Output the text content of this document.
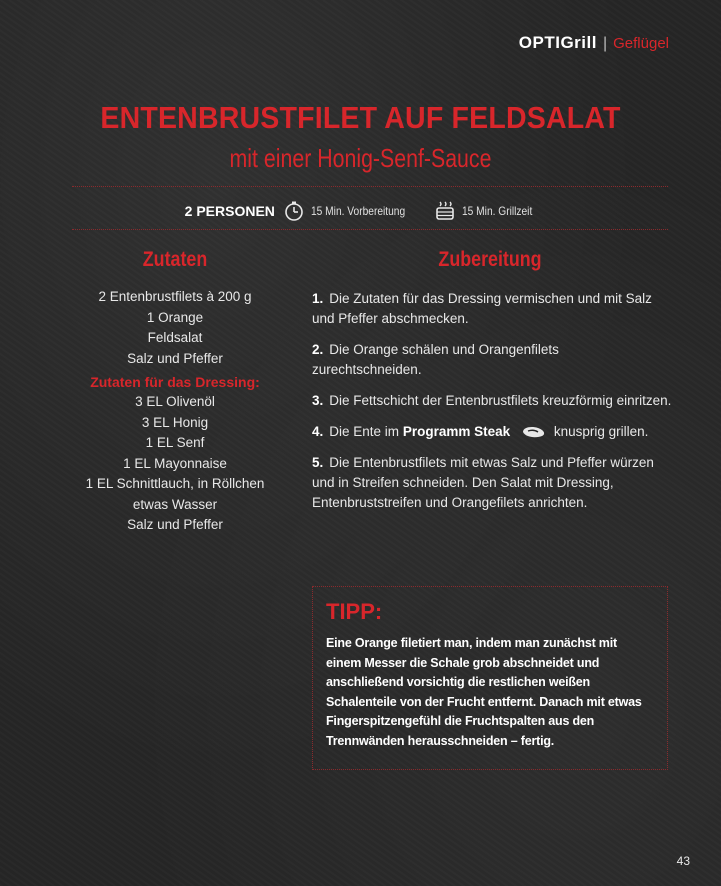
OPTIGrill | Geflügel
ENTENBRUSTFILET AUF FELDSALAT
mit einer Honig-Senf-Sauce
2 PERSONEN	15 Min. Vorbereitung	15 Min. Grillzeit
Zutaten	Zubereitung
2 Entenbrustfilets à 200 g
1 Orange
Feldsalat
Salz und Pfeffer
Zutaten für das Dressing:
3 EL Olivenöl
3 EL Honig
1 EL Senf
1 EL Mayonnaise
1 EL Schnittlauch, in Röllchen
etwas Wasser
Salz und Pfeffer
1. Die Zutaten für das Dressing vermischen und mit Salz und Pfeffer abschmecken.
2. Die Orange schälen und Orangenfilets zurechtschneiden.
3. Die Fettschicht der Entenbrustfilets kreuzförmig einritzen.
4. Die Ente im Programm Steak	knusprig grillen.
5. Die Entenbrustfilets mit etwas Salz und Pfeffer würzen und in Streifen schneiden. Den Salat mit Dressing, Entenbruststreifen und Orangefilets anrichten.
TIPP:
Eine Orange filetiert man, indem man zunächst mit einem Messer die Schale grob abschneidet und anschließend vorsichtig die restlichen weißen Schalenteile von der Frucht entfernt. Danach mit etwas Fingerspitzengefühl die Fruchtspalten aus den Trennwänden herausschneiden – fertig.
43
